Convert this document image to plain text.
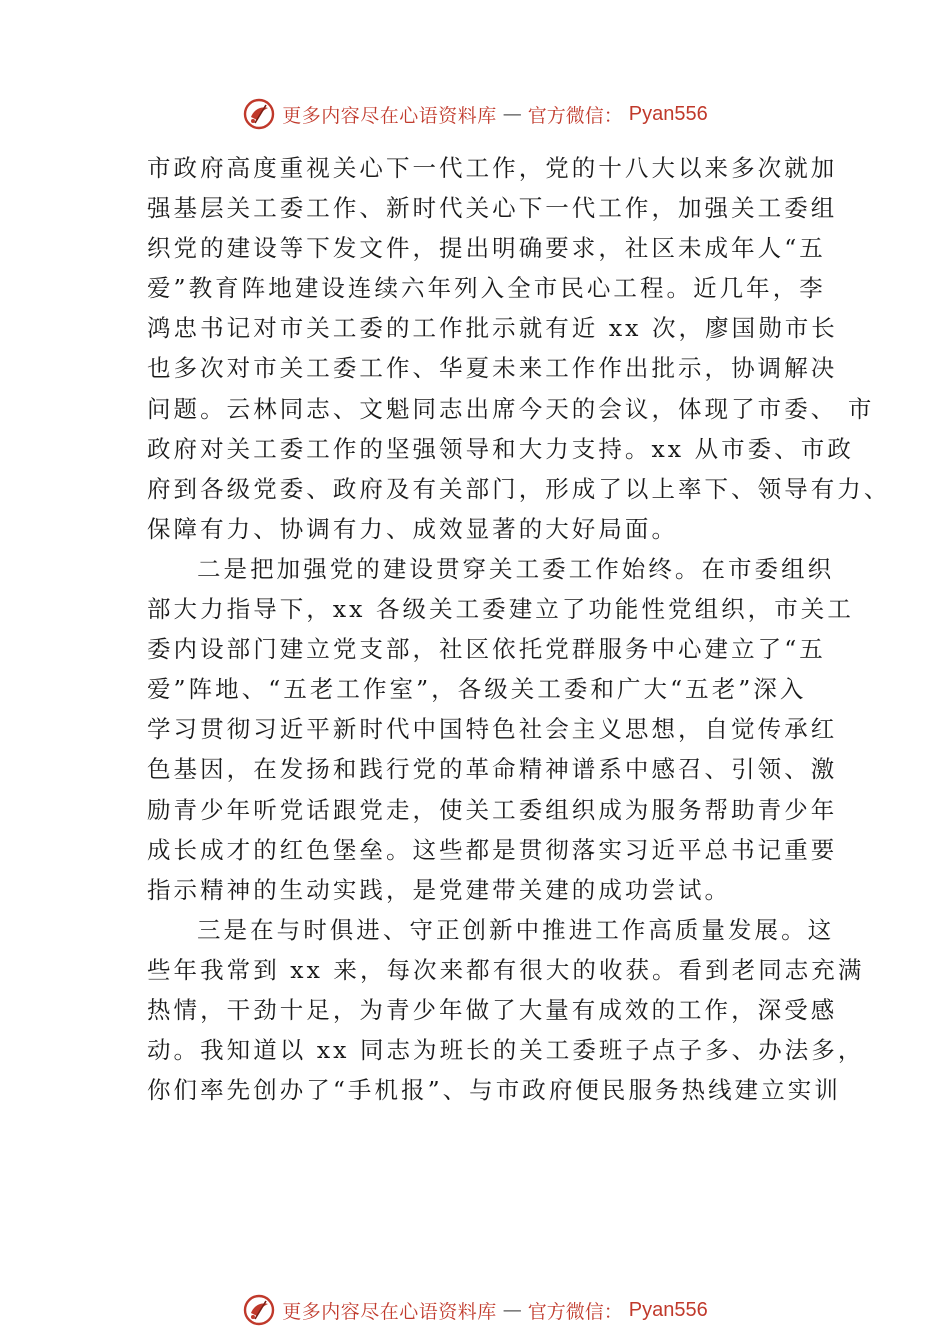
更多内容尽在心语资料库 — 官方微信： Pyan556
市政府高度重视关心下一代工作，党的十八大以来多次就加
强基层关工委工作、新时代关心下一代工作，加强关工委组
织党的建设等下发文件，提出明确要求，社区未成年人“五
爱”教育阵地建设连续六年列入全市民心工程。近几年，李
鸿忠书记对市关工委的工作批示就有近 xx 次，廖国勋市长
也多次对市关工委工作、华夏未来工作作出批示，协调解决
问题。云林同志、文魁同志出席今天的会议，体现了市委、 市
政府对关工委工作的坚强领导和大力支持。xx 从市委、市政
府到各级党委、政府及有关部门，形成了以上率下、领导有力、
保障有力、协调有力、成效显著的大好局面。
二是把加强党的建设贯穿关工委工作始终。在市委组织
部大力指导下，xx 各级关工委建立了功能性党组织，市关工
委内设部门建立党支部，社区依托党群服务中心建立了“五
爱”阵地、“五老工作室”，各级关工委和广大“五老”深入
学习贯彻习近平新时代中国特色社会主义思想，自觉传承红
色基因，在发扬和践行党的革命精神谱系中感召、引领、激
励青少年听党话跟党走，使关工委组织成为服务帮助青少年
成长成才的红色堡垒。这些都是贯彻落实习近平总书记重要
指示精神的生动实践，是党建带关建的成功尝试。
三是在与时俱进、守正创新中推进工作高质量发展。这
些年我常到 xx 来，每次来都有很大的收获。看到老同志充满
热情，干劲十足，为青少年做了大量有成效的工作，深受感
动。我知道以 xx 同志为班长的关工委班子点子多、办法多，
你们率先创办了“手机报”、与市政府便民服务热线建立实训
更多内容尽在心语资料库 — 官方微信： Pyan556
